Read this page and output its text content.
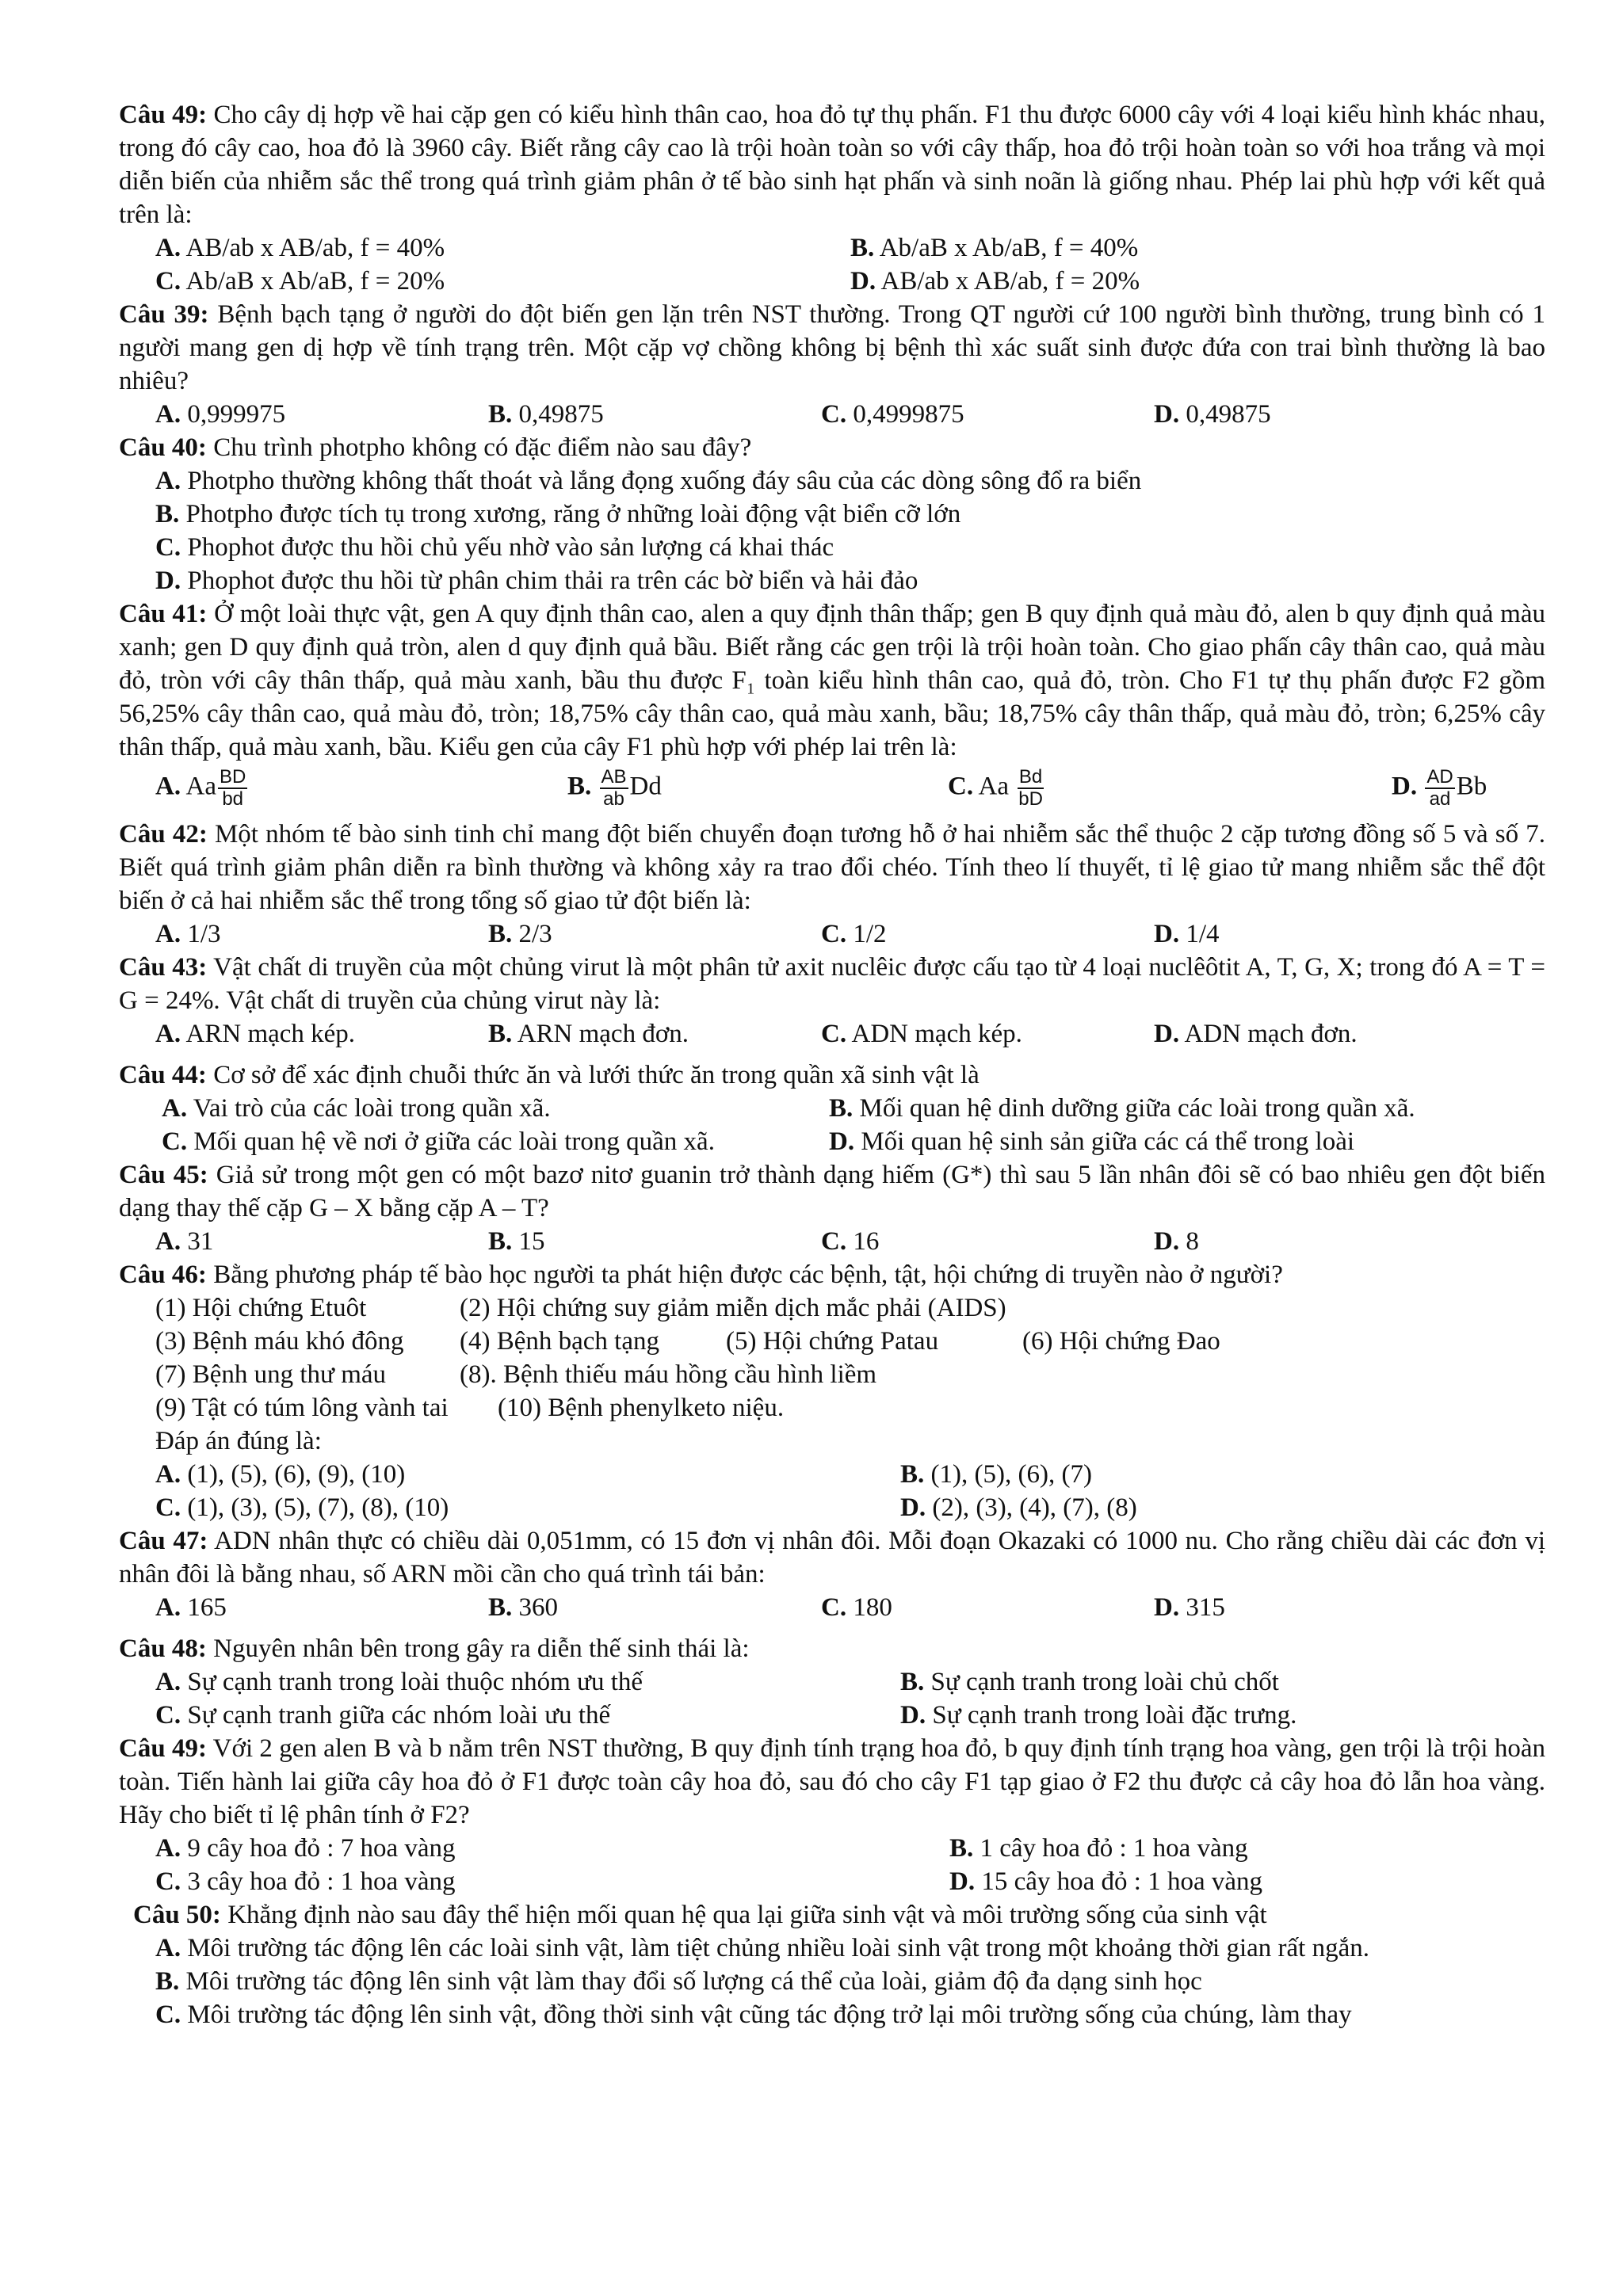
Câu 49: Cho cây dị hợp về hai cặp gen có kiểu hình thân cao, hoa đỏ tự thụ phấn. F1 thu được 6000 cây với 4 loại kiểu hình khác nhau, trong đó cây cao, hoa đỏ là 3960 cây. Biết rằng cây cao là trội hoàn toàn so với cây thấp, hoa đỏ trội hoàn toàn so với hoa trắng và mọi diễn biến của nhiễm sắc thể trong quá trình giảm phân ở tế bào sinh hạt phấn và sinh noãn là giống nhau. Phép lai phù hợp với kết quả trên là:
A. AB/ab x AB/ab, f = 40%	B. Ab/aB x Ab/aB, f = 40%
C. Ab/aB x Ab/aB, f = 20%	D. AB/ab x AB/ab, f = 20%
Câu 39: Bệnh bạch tạng ở người do đột biến gen lặn trên NST thường. Trong QT người cứ 100 người bình thường, trung bình có 1 người mang gen dị hợp về tính trạng trên. Một cặp vợ chồng không bị bệnh thì xác suất sinh được đứa con trai bình thường là bao nhiêu?
A. 0,999975	B. 0,49875	C. 0,4999875	D. 0,49875
Câu 40: Chu trình photpho không có đặc điểm nào sau đây?
A. Photpho thường không thất thoát và lắng đọng xuống đáy sâu của các dòng sông đổ ra biển
B. Photpho được tích tụ trong xương, răng ở những loài động vật biển cỡ lớn
C. Phophot được thu hồi chủ yếu nhờ vào sản lượng cá khai thác
D. Phophot được thu hồi từ phân chim thải ra trên các bờ biển và hải đảo
Câu 41: Ở một loài thực vật, gen A quy định thân cao, alen a quy định thân thấp; gen B quy định quả màu đỏ, alen b quy định quả màu xanh; gen D quy định quả tròn, alen d quy định quả bầu. Biết rằng các gen trội là trội hoàn toàn. Cho giao phấn cây thân cao, quả màu đỏ, tròn với cây thân thấp, quả màu xanh, bầu thu được F₁ toàn kiểu hình thân cao, quả đỏ, tròn. Cho F1 tự thụ phấn được F2 gồm 56,25% cây thân cao, quả màu đỏ, tròn; 18,75% cây thân cao, quả màu xanh, bầu; 18,75% cây thân thấp, quả màu đỏ, tròn; 6,25% cây thân thấp, quả màu xanh, bầu. Kiểu gen của cây F1 phù hợp với phép lai trên là:
A. Aa $\frac{BD}{bd}$	B. $\frac{AB}{ab}$ Dd	C. Aa $\frac{Bd}{bD}$	D. $\frac{AD}{ad}$ Bb
Câu 42: Một nhóm tế bào sinh tinh chỉ mang đột biến chuyển đoạn tương hỗ ở hai nhiễm sắc thể thuộc 2 cặp tương đồng số 5 và số 7. Biết quá trình giảm phân diễn ra bình thường và không xảy ra trao đổi chéo. Tính theo lí thuyết, tỉ lệ giao tử mang nhiễm sắc thể đột biến ở cả hai nhiễm sắc thể trong tổng số giao tử đột biến là:
A. 1/3	B. 2/3	C. 1/2	D. 1/4
Câu 43: Vật chất di truyền của một chủng virut là một phân tử axit nuclêic được cấu tạo từ 4 loại nuclêôtit A, T, G, X; trong đó A = T = G = 24%. Vật chất di truyền của chủng virut này là:
A. ARN mạch kép.	B. ARN mạch đơn.	C. ADN mạch kép.	D. ADN mạch đơn.
Câu 44: Cơ sở để xác định chuỗi thức ăn và lưới thức ăn trong quần xã sinh vật là
A. Vai trò của các loài trong quần xã.	B. Mối quan hệ dinh dưỡng giữa các loài trong quần xã.
C. Mối quan hệ về nơi ở giữa các loài trong quần xã.	D. Mối quan hệ sinh sản giữa các cá thể trong loài
Câu 45: Giả sử trong một gen có một bazơ nitơ guanin trở thành dạng hiếm (G*) thì sau 5 lần nhân đôi sẽ có bao nhiêu gen đột biến dạng thay thế cặp G – X bằng cặp A – T?
A. 31	B. 15	C. 16	D. 8
Câu 46: Bằng phương pháp tế bào học người ta phát hiện được các bệnh, tật, hội chứng di truyền nào ở người?
(1) Hội chứng Etuôt	(2) Hội chứng suy giảm miễn dịch mắc phải (AIDS)
(3) Bệnh máu khó đông (4) Bệnh bạch tạng	(5) Hội chứng Patau	(6) Hội chứng Đao
(7) Bệnh ung thư máu	(8). Bệnh thiếu máu hồng cầu hình liềm
(9) Tật có túm lông vành tai (10) Bệnh phenylketo niệu.
Đáp án đúng là:
A. (1), (5), (6), (9), (10)	B. (1), (5), (6), (7)
C. (1), (3), (5), (7), (8), (10)	D. (2), (3), (4), (7), (8)
Câu 47: ADN nhân thực có chiều dài 0,051mm, có 15 đơn vị nhân đôi. Mỗi đoạn Okazaki có 1000 nu. Cho rằng chiều dài các đơn vị nhân đôi là bằng nhau, số ARN mồi cần cho quá trình tái bản:
A. 165	B. 360	C. 180	D. 315
Câu 48: Nguyên nhân bên trong gây ra diễn thế sinh thái là:
A. Sự cạnh tranh trong loài thuộc nhóm ưu thế	B. Sự cạnh tranh trong loài chủ chốt
C. Sự cạnh tranh giữa các nhóm loài ưu thế	D. Sự cạnh tranh trong loài đặc trưng.
Câu 49: Với 2 gen alen B và b nằm trên NST thường, B quy định tính trạng hoa đỏ, b quy định tính trạng hoa vàng, gen trội là trội hoàn toàn. Tiến hành lai giữa cây hoa đỏ ở F1 được toàn cây hoa đỏ, sau đó cho cây F1 tạp giao ở F2 thu được cả cây hoa đỏ lẫn hoa vàng. Hãy cho biết tỉ lệ phân tính ở F2?
A. 9 cây hoa đỏ : 7 hoa vàng	B. 1 cây hoa đỏ : 1 hoa vàng
C. 3 cây hoa đỏ : 1 hoa vàng	D. 15 cây hoa đỏ : 1 hoa vàng
Câu 50: Khẳng định nào sau đây thể hiện mối quan hệ qua lại giữa sinh vật và môi trường sống của sinh vật
A. Môi trường tác động lên các loài sinh vật, làm tiệt chủng nhiều loài sinh vật trong một khoảng thời gian rất ngắn.
B. Môi trường tác động lên sinh vật làm thay đổi số lượng cá thể của loài, giảm độ đa dạng sinh học
C. Môi trường tác động lên sinh vật, đồng thời sinh vật cũng tác động trở lại môi trường sống của chúng, làm thay
